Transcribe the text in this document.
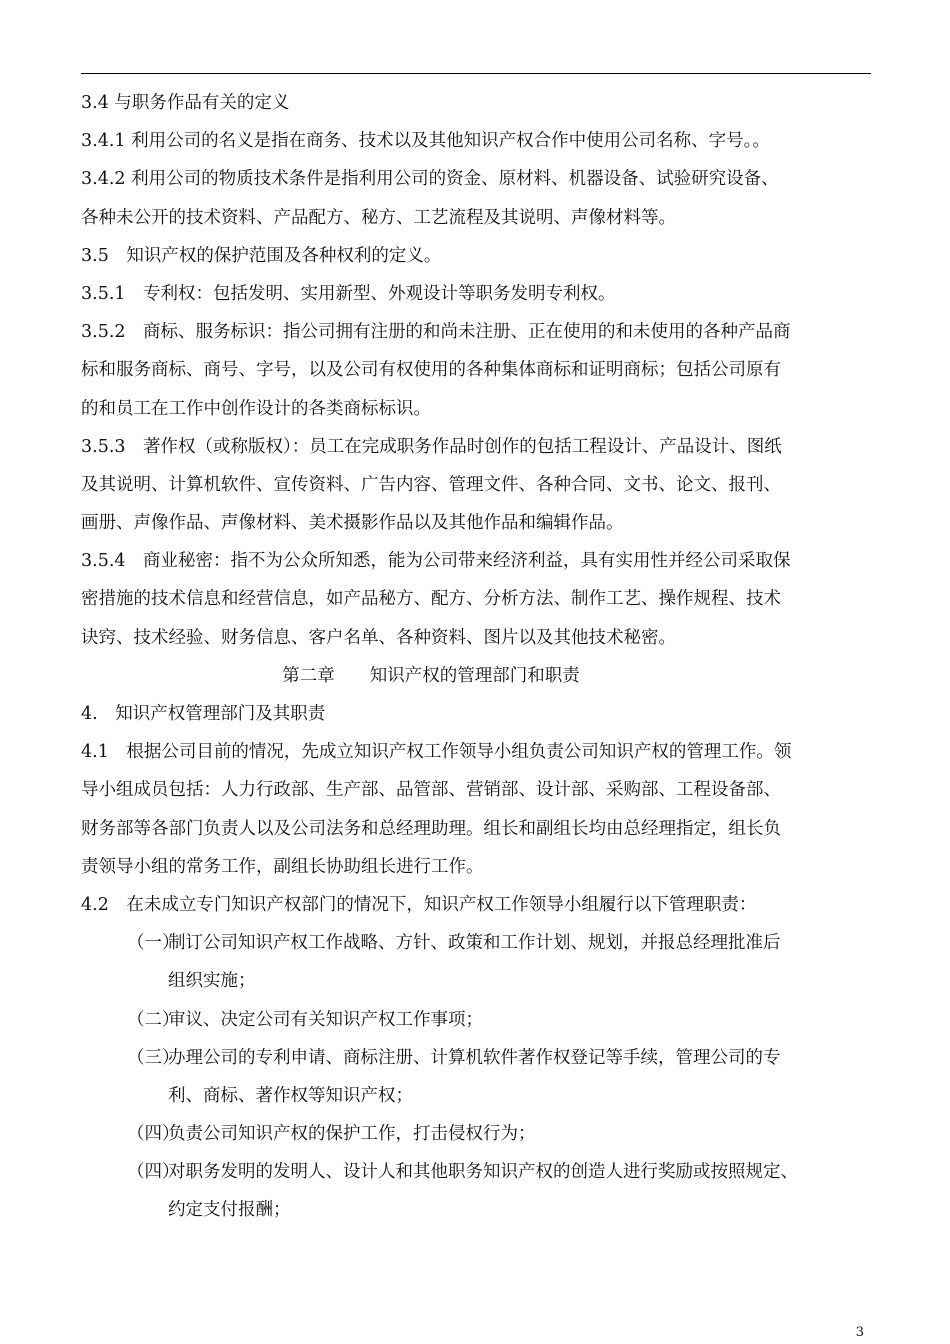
3.4 与职务作品有关的定义
3.4.1 利用公司的名义是指在商务、技术以及其他知识产权合作中使用公司名称、字号。。
3.4.2 利用公司的物质技术条件是指利用公司的资金、原材料、机器设备、试验研究设备、
各种未公开的技术资料、产品配方、秘方、工艺流程及其说明、声像材料等。
3.5　知识产权的保护范围及各种权利的定义。
3.5.1　专利权：包括发明、实用新型、外观设计等职务发明专利权。
3.5.2　商标、服务标识：指公司拥有注册的和尚未注册、正在使用的和未使用的各种产品商
标和服务商标、商号、字号，以及公司有权使用的各种集体商标和证明商标；包括公司原有
的和员工在工作中创作设计的各类商标标识。
3.5.3　著作权（或称版权）：员工在完成职务作品时创作的包括工程设计、产品设计、图纸
及其说明、计算机软件、宣传资料、广告内容、管理文件、各种合同、文书、论文、报刊、
画册、声像作品、声像材料、美术摄影作品以及其他作品和编辑作品。
3.5.4　商业秘密：指不为公众所知悉，能为公司带来经济利益，具有实用性并经公司采取保
密措施的技术信息和经营信息，如产品秘方、配方、分析方法、制作工艺、操作规程、技术
诀窍、技术经验、财务信息、客户名单、各种资料、图片以及其他技术秘密。
第二章　　知识产权的管理部门和职责
4.　知识产权管理部门及其职责
4.1　根据公司目前的情况，先成立知识产权工作领导小组负责公司知识产权的管理工作。领
导小组成员包括：人力行政部、生产部、品管部、营销部、设计部、采购部、工程设备部、
财务部等各部门负责人以及公司法务和总经理助理。组长和副组长均由总经理指定，组长负
责领导小组的常务工作，副组长协助组长进行工作。
4.2　在未成立专门知识产权部门的情况下，知识产权工作领导小组履行以下管理职责：
（一）制订公司知识产权工作战略、方针、政策和工作计划、规划，并报总经理批准后
组织实施；
（二）审议、决定公司有关知识产权工作事项；
（三）办理公司的专利申请、商标注册、计算机软件著作权登记等手续，管理公司的专
利、商标、著作权等知识产权；
（四）负责公司知识产权的保护工作，打击侵权行为；
（四）对职务发明的发明人、设计人和其他职务知识产权的创造人进行奖励或按照规定、
约定支付报酬；
3
